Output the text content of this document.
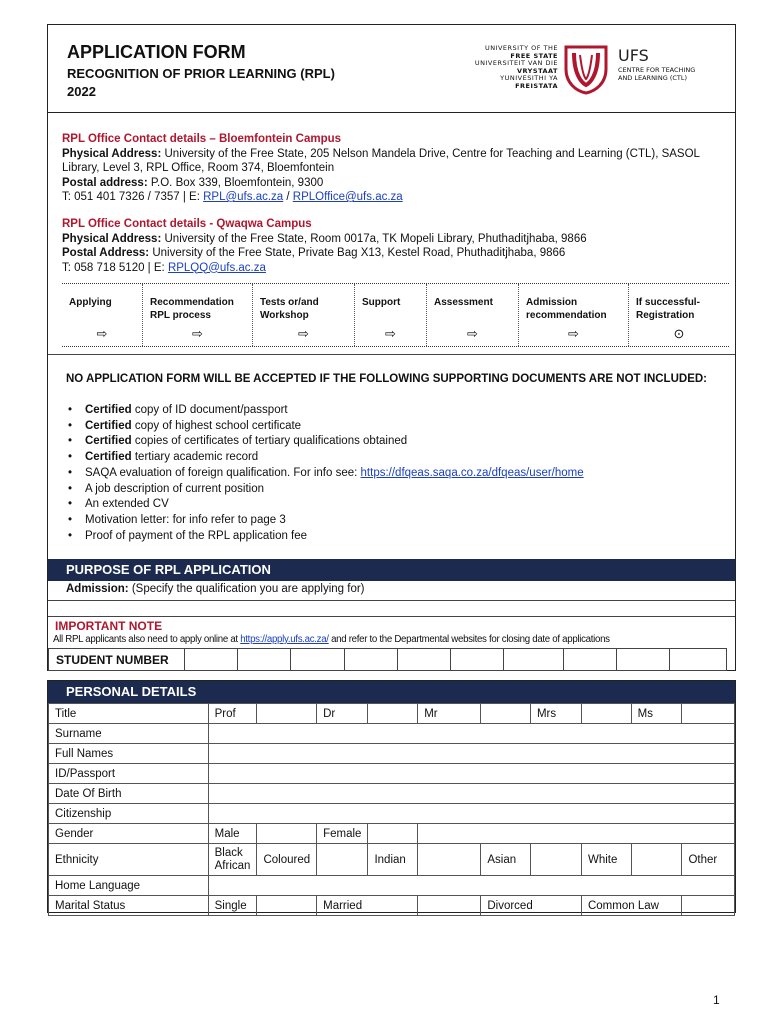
APPLICATION FORM
RECOGNITION OF PRIOR LEARNING (RPL)
2022
UNIVERSITY OF THE
FREE STATE
UNIVERSITEIT VAN DIE
VRYSTAAT
YUNIVESITHI YA
FREISTATA
UFS
CENTRE FOR TEACHING
AND LEARNING (CTL)
RPL Office Contact details – Bloemfontein Campus
Physical Address: University of the Free State, 205 Nelson Mandela Drive, Centre for Teaching and Learning (CTL), SASOL Library, Level 3, RPL Office, Room 374, Bloemfontein
Postal address: P.O. Box 339, Bloemfontein, 9300
T: 051 401 7326 / 7357 | E: RPL@ufs.ac.za / RPLOffice@ufs.ac.za
RPL Office Contact details - Qwaqwa Campus
Physical Address: University of the Free State, Room 0017a, TK Mopeli Library, Phuthaditjhaba, 9866
Postal Address: University of the Free State, Private Bag X13, Kestel Road, Phuthaditjhaba, 9866
T: 058 718 5120 | E: RPLQQ@ufs.ac.za
Applying
⇨
Recommendation
RPL process
⇨
Tests or/and
Workshop
⇨
Support
⇨
Assessment
⇨
Admission
recommendation
⇨
If successful-
Registration
⊙
NO APPLICATION FORM WILL BE ACCEPTED IF THE FOLLOWING SUPPORTING DOCUMENTS ARE NOT INCLUDED:
• Certified copy of ID document/passport
• Certified copy of highest school certificate
• Certified copies of certificates of tertiary qualifications obtained
• Certified tertiary academic record
• SAQA evaluation of foreign qualification. For info see: https://dfqeas.saqa.co.za/dfqeas/user/home
• A job description of current position
• An extended CV
• Motivation letter: for info refer to page 3
• Proof of payment of the RPL application fee
PURPOSE OF RPL APPLICATION
Admission: (Specify the qualification you are applying for)
IMPORTANT NOTE
All RPL applicants also need to apply online at https://apply.ufs.ac.za/ and refer to the Departmental websites for closing date of applications
STUDENT NUMBER										
PERSONAL DETAILS
Title	Prof		Dr		Mr		Mrs		Ms	
Surname										
Full Names										
ID/Passport										
Date Of Birth										
Citizenship										
Gender	Male		Female							
Ethnicity	Black African	Coloured		Indian		Asian		White		Other
Home Language										
Marital Status	Single		Married			Divorced		Common Law		
1
